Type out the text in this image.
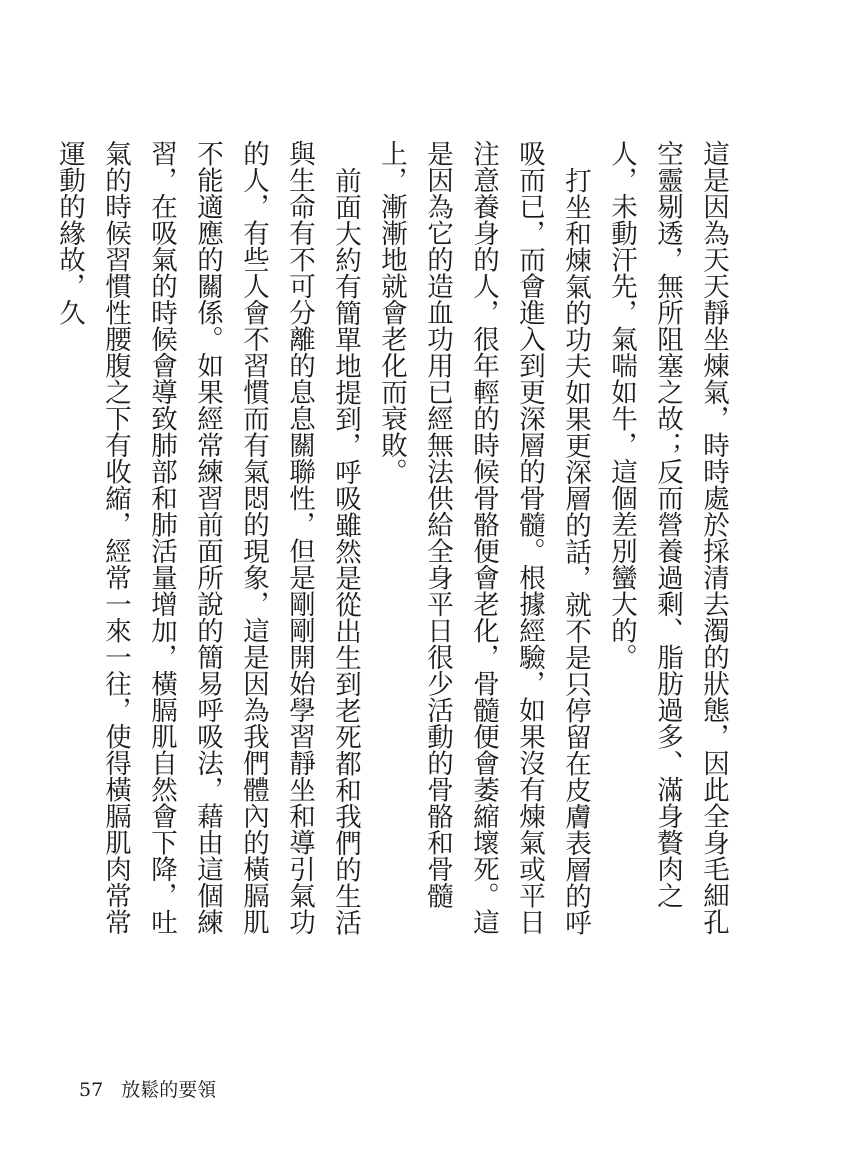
這是因為天天靜坐煉氣，時時處於採清去濁的狀態，因此全身毛細孔空靈剔透，無所阻塞之故；反而營養過剩、脂肪過多、滿身贅肉之人，未動汗先，氣喘如牛，這個差別蠻大的。

打坐和煉氣的功夫如果更深層的話，就不是只停留在皮膚表層的呼吸而已，而會進入到更深層的骨髓。根據經驗，如果沒有煉氣或平日注意養身的人，很年輕的時候骨骼便會老化，骨髓便會萎縮壞死。這是因為它的造血功用已經無法供給全身平日很少活動的骨骼和骨髓上，漸漸地就會老化而衰敗。

前面大約有簡單地提到，呼吸雖然是從出生到老死都和我們的生活與生命有不可分離的息息關聯性，但是剛剛開始學習靜坐和導引氣功的人，有些人會不習慣而有氣悶的現象，這是因為我們體內的橫膈肌不能適應的關係。如果經常練習前面所說的簡易呼吸法，藉由這個練習，在吸氣的時候會導致肺部和肺活量增加，橫膈肌自然會下降，吐氣的時候習慣性腰腹之下有收縮，經常一來一往，使得橫膈肌肉常常運動的緣故，久

57 放鬆的要領
